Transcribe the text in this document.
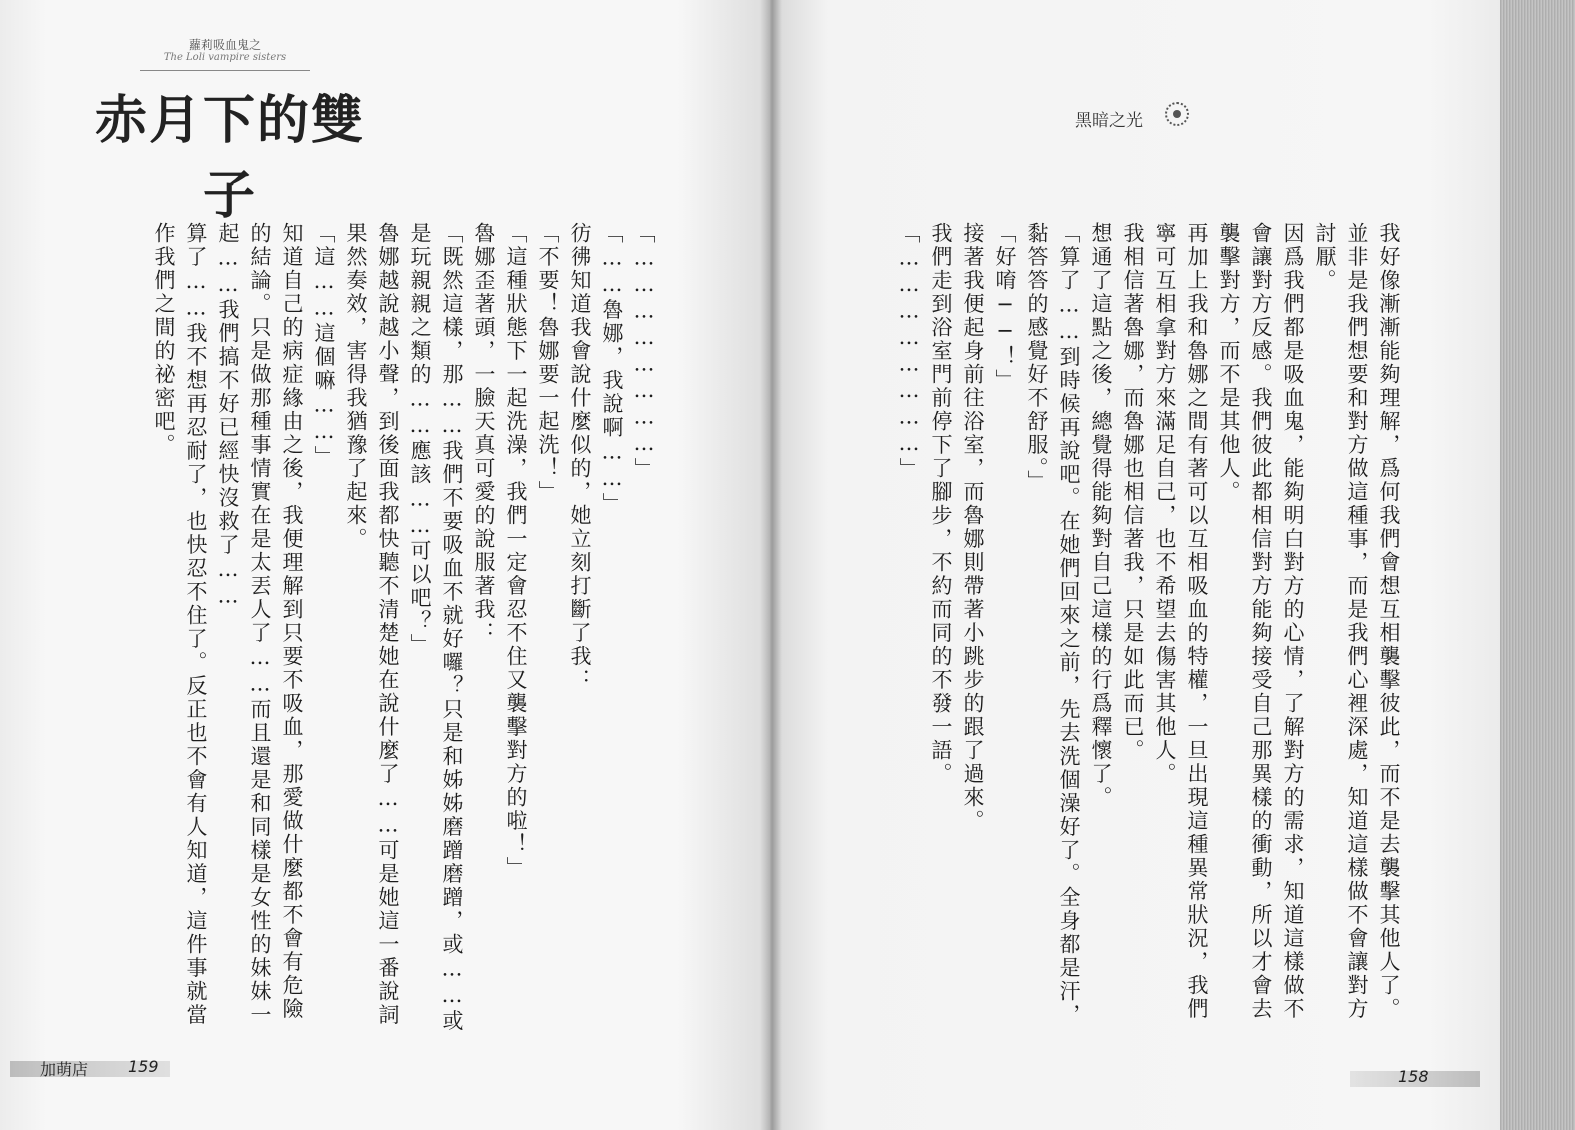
蘿莉吸血鬼之
The Loli vampire sisters
赤月下的雙子

「……………………」

「……魯娜，我說啊……」

彷彿知道我會說什麼似的，她立刻打斷了我：

「不要！魯娜要一起洗！」

「這種狀態下一起洗澡，我們一定會忍不住又襲擊對方的啦！」

魯娜歪著頭，一臉天真可愛的說服著我：

「既然這樣，那……我們不要吸血不就好囉？只是和姊姊磨蹭磨蹭，或……或是玩親親之類的……應該……可以吧？」

魯娜越說越小聲，到後面我都快聽不清楚她在說什麼了……可是她這一番說詞果然奏效，害得我猶豫了起來。

「這……這個嘛……」

知道自己的病症緣由之後，我便理解到只要不吸血，那愛做什麼都不會有危險的結論。只是做那種事情實在是太丟人了……而且還是和同樣是女性的妹妹一起……我們搞不好已經快沒救了……

算了……我不想再忍耐了，也快忍不住了。反正也不會有人知道，這件事就當作我們之間的祕密吧。

加萌店 159
黑暗之光

我好像漸漸能夠理解，爲何我們會想互相襲擊彼此，而不是去襲擊其他人了。並非是我們想要和對方做這種事，而是我們心裡深處，知道這樣做不會讓對方討厭。

因爲我們都是吸血鬼，能夠明白對方的心情，了解對方的需求，知道這樣做不會讓對方反感。我們彼此都相信對方能夠接受自己那異樣的衝動，所以才會去襲擊對方，而不是其他人。

再加上我和魯娜之間有著可以互相吸血的特權，一旦出現這種異常狀況，我們寧可互相拿對方來滿足自己，也不希望去傷害其他人。

我相信著魯娜，而魯娜也相信著我，只是如此而已。

想通了這點之後，總覺得能夠對自己這樣的行爲釋懷了。

「算了……到時候再說吧。在她們回來之前，先去洗個澡好了。全身都是汗，黏答答的感覺好不舒服。」

「好唷──！」

接著我便起身前往浴室，而魯娜則帶著小跳步的跟了過來。

我們走到浴室門前停下了腳步，不約而同的不發一語。

「……………………」

158
